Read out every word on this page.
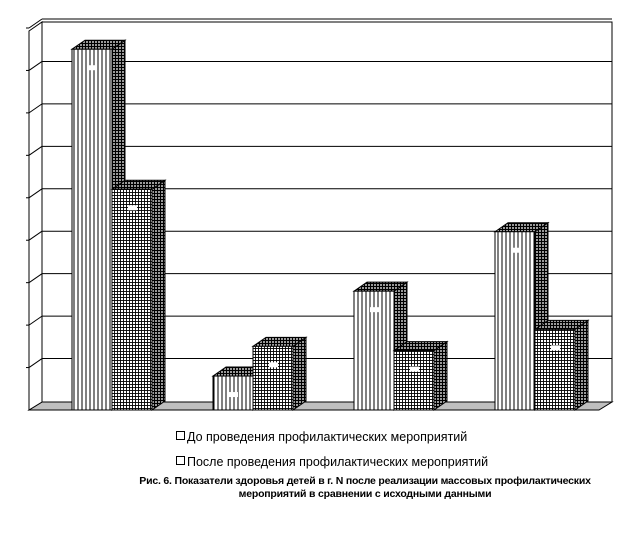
До проведения профилактических мероприятий
После проведения профилактических мероприятий
Рис. 6. Показатели здоровья детей в г. N после реализации массовых профилактических мероприятий в сравнении с исходными данными
